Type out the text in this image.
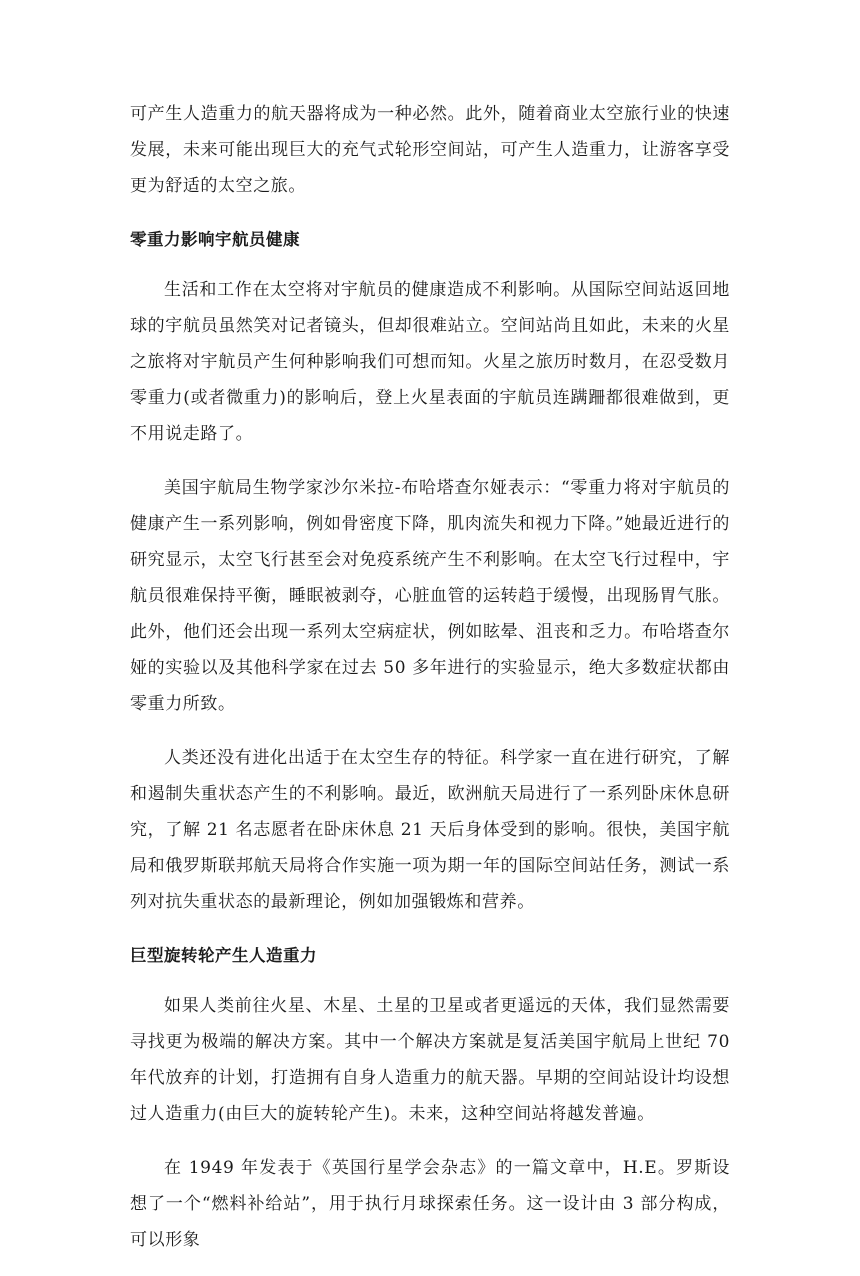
可产生人造重力的航天器将成为一种必然。此外，随着商业太空旅行业的快速发展，未来可能出现巨大的充气式轮形空间站，可产生人造重力，让游客享受更为舒适的太空之旅。

零重力影响宇航员健康

生活和工作在太空将对宇航员的健康造成不利影响。从国际空间站返回地球的宇航员虽然笑对记者镜头，但却很难站立。空间站尚且如此，未来的火星之旅将对宇航员产生何种影响我们可想而知。火星之旅历时数月，在忍受数月零重力(或者微重力)的影响后，登上火星表面的宇航员连蹒跚都很难做到，更不用说走路了。

美国宇航局生物学家沙尔米拉-布哈塔查尔娅表示：“零重力将对宇航员的健康产生一系列影响，例如骨密度下降，肌肉流失和视力下降。”她最近进行的研究显示，太空飞行甚至会对免疫系统产生不利影响。在太空飞行过程中，宇航员很难保持平衡，睡眠被剥夺，心脏血管的运转趋于缓慢，出现肠胃气胀。此外，他们还会出现一系列太空病症状，例如眩晕、沮丧和乏力。布哈塔查尔娅的实验以及其他科学家在过去 50 多年进行的实验显示，绝大多数症状都由零重力所致。

人类还没有进化出适于在太空生存的特征。科学家一直在进行研究，了解和遏制失重状态产生的不利影响。最近，欧洲航天局进行了一系列卧床休息研究，了解 21 名志愿者在卧床休息 21 天后身体受到的影响。很快，美国宇航局和俄罗斯联邦航天局将合作实施一项为期一年的国际空间站任务，测试一系列对抗失重状态的最新理论，例如加强锻炼和营养。

巨型旋转轮产生人造重力

如果人类前往火星、木星、土星的卫星或者更遥远的天体，我们显然需要寻找更为极端的解决方案。其中一个解决方案就是复活美国宇航局上世纪 70 年代放弃的计划，打造拥有自身人造重力的航天器。早期的空间站设计均设想过人造重力(由巨大的旋转轮产生)。未来，这种空间站将越发普遍。

在 1949 年发表于《英国行星学会杂志》的一篇文章中，H.E。罗斯设想了一个“燃料补给站”，用于执行月球探索任务。这一设计由 3 部分构成，可以形象
